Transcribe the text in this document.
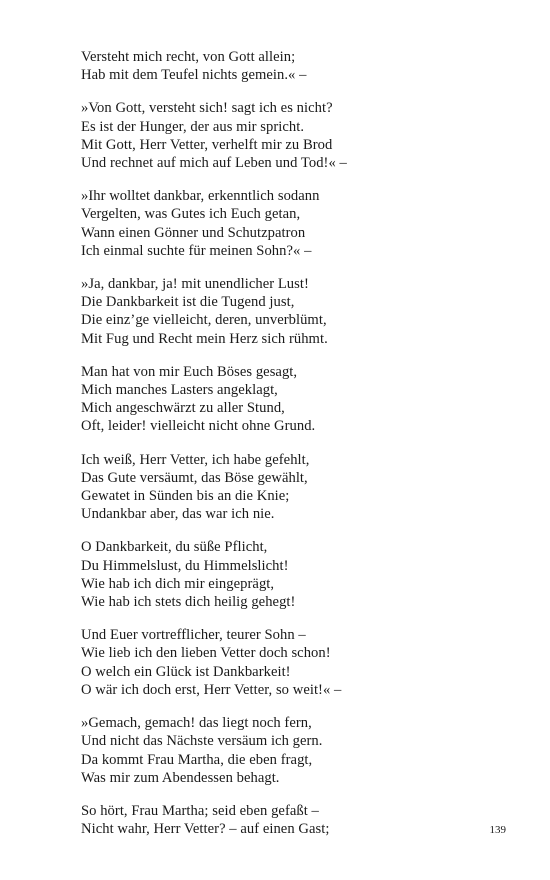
Versteht mich recht, von Gott allein;
Hab mit dem Teufel nichts gemein.« –
»Von Gott, versteht sich! sagt ich es nicht?
Es ist der Hunger, der aus mir spricht.
Mit Gott, Herr Vetter, verhelft mir zu Brod
Und rechnet auf mich auf Leben und Tod!« –
»Ihr wolltet dankbar, erkenntlich sodann
Vergelten, was Gutes ich Euch getan,
Wann einen Gönner und Schutzpatron
Ich einmal suchte für meinen Sohn?« –
»Ja, dankbar, ja! mit unendlicher Lust!
Die Dankbarkeit ist die Tugend just,
Die einz’ge vielleicht, deren, unverblümt,
Mit Fug und Recht mein Herz sich rühmt.
Man hat von mir Euch Böses gesagt,
Mich manches Lasters angeklagt,
Mich angeschwärzt zu aller Stund,
Oft, leider! vielleicht nicht ohne Grund.
Ich weiß, Herr Vetter, ich habe gefehlt,
Das Gute versäumt, das Böse gewählt,
Gewatet in Sünden bis an die Knie;
Undankbar aber, das war ich nie.
O Dankbarkeit, du süße Pflicht,
Du Himmelslust, du Himmelslicht!
Wie hab ich dich mir eingeprägt,
Wie hab ich stets dich heilig gehegt!
Und Euer vortrefflicher, teurer Sohn –
Wie lieb ich den lieben Vetter doch schon!
O welch ein Glück ist Dankbarkeit!
O wär ich doch erst, Herr Vetter, so weit!« –
»Gemach, gemach! das liegt noch fern,
Und nicht das Nächste versäum ich gern.
Da kommt Frau Martha, die eben fragt,
Was mir zum Abendessen behagt.
So hört, Frau Martha; seid eben gefaßt –
Nicht wahr, Herr Vetter? – auf einen Gast;	139
